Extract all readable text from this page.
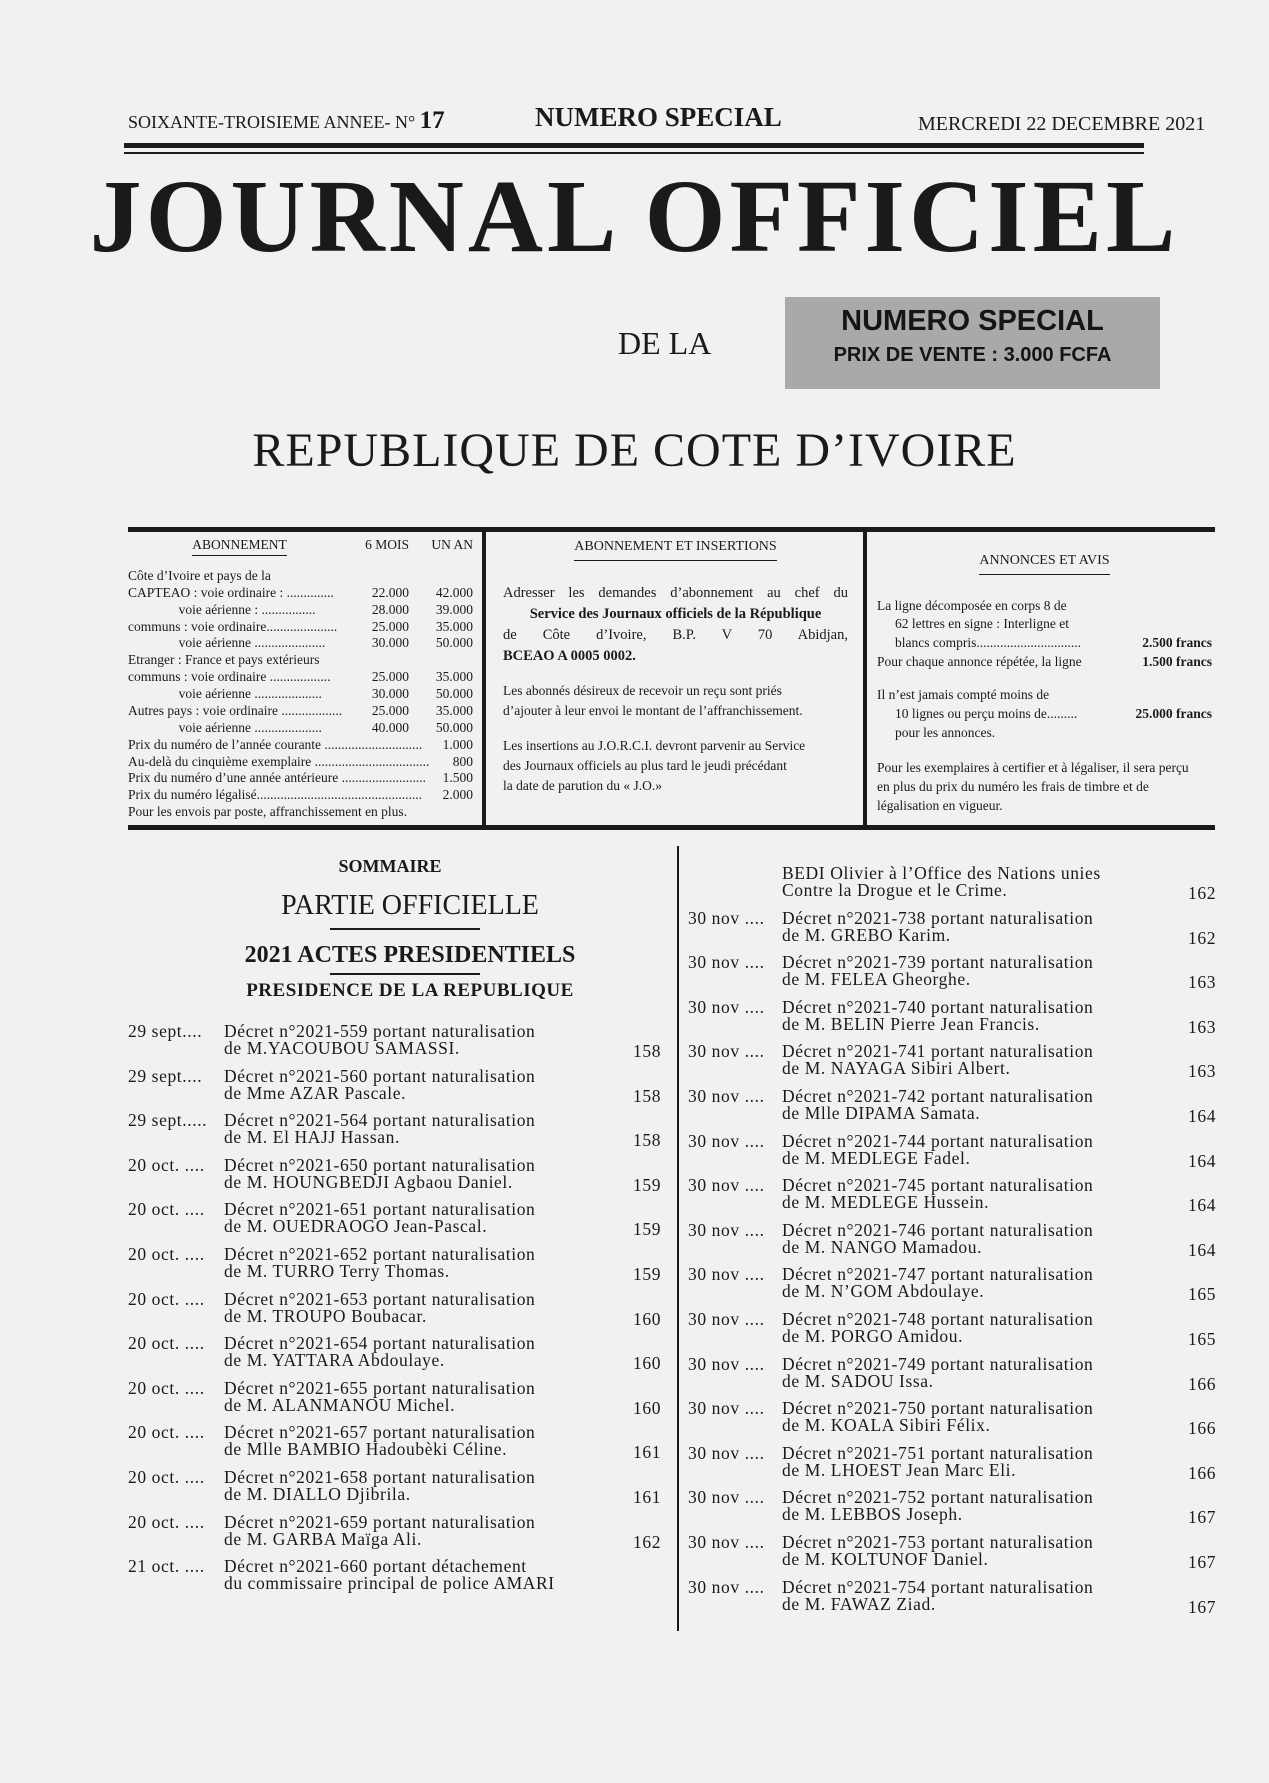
SOIXANTE-TROISIEME ANNEE- N° 17	NUMERO SPECIAL	MERCREDI 22 DECEMBRE 2021
JOURNAL OFFICIEL
DE LA
NUMERO SPECIAL
PRIX DE VENTE : 3.000 FCFA
REPUBLIQUE DE COTE D’IVOIRE
ABONNEMENT	6 MOIS	UN AN
Côte d’Ivoire et pays de la
CAPTEAO : voie ordinaire : ..............	22.000	42.000
voie aérienne : ................	28.000	39.000
communs : voie ordinaire.....................	25.000	35.000
voie aérienne .....................	30.000	50.000
Etranger : France et pays extérieurs
communs : voie ordinaire ..................	25.000	35.000
voie aérienne ....................	30.000	50.000
Autres pays : voie ordinaire ..................	25.000	35.000
voie aérienne ....................	40.000	50.000
Prix du numéro de l’année courante ............................. 1.000
Au-delà du cinquième exemplaire .................................. 800
Prix du numéro d’une année antérieure ......................... 1.500
Prix du numéro légalisé................................................. 2.000
Pour les envois par poste, affranchissement en plus.
ABONNEMENT ET INSERTIONS
Adresser les demandes d’abonnement au chef du
Service des Journaux officiels de la République
de Côte d’Ivoire, B.P. V 70 Abidjan,
BCEAO A 0005 0002.
Les abonnés désireux de recevoir un reçu sont priés
d’ajouter à leur envoi le montant de l’affranchissement.
Les insertions au J.O.R.C.I. devront parvenir au Service
des Journaux officiels au plus tard le jeudi précédant
la date de parution du « J.O.»
ANNONCES ET AVIS
La ligne décomposée en corps 8 de
62 lettres en signe : Interligne et
blancs compris...............................	2.500 francs
Pour chaque annonce répétée, la ligne	1.500 francs
Il n’est jamais compté moins de
10 lignes ou perçu moins de.........	25.000 francs
pour les annonces.
Pour les exemplaires à certifier et à légaliser, il sera perçu
en plus du prix du numéro les frais de timbre et de
légalisation en vigueur.
SOMMAIRE
PARTIE OFFICIELLE
2021 ACTES PRESIDENTIELS
PRESIDENCE DE LA REPUBLIQUE
29 sept.... Décret n°2021-559 portant naturalisation
de M.YACOUBOU SAMASSI.	158
29 sept.... Décret n°2021-560 portant naturalisation
de Mme AZAR Pascale.	158
29 sept..... Décret n°2021-564 portant naturalisation
de M. El HAJJ Hassan.	158
20 oct. .... Décret n°2021-650 portant naturalisation
de M. HOUNGBEDJI Agbaou Daniel.	159
20 oct. .... Décret n°2021-651 portant naturalisation
de M. OUEDRAOGO Jean-Pascal.	159
20 oct. .... Décret n°2021-652 portant naturalisation
de M. TURRO Terry Thomas.	159
20 oct. .... Décret n°2021-653 portant naturalisation
de M. TROUPO Boubacar.	160
20 oct. .... Décret n°2021-654 portant naturalisation
de M. YATTARA Abdoulaye.	160
20 oct. .... Décret n°2021-655 portant naturalisation
de M. ALANMANOU Michel.	160
20 oct. .... Décret n°2021-657 portant naturalisation
de Mlle BAMBIO Hadoubèki Céline.	161
20 oct. .... Décret n°2021-658 portant naturalisation
de M. DIALLO Djibrila.	161
20 oct. .... Décret n°2021-659 portant naturalisation
de M. GARBA Maïga Ali.	162
21 oct. .... Décret n°2021-660 portant détachement
du commissaire principal de police AMARI
BEDI Olivier à l’Office des Nations unies
Contre la Drogue et le Crime.	162
30 nov .... Décret n°2021-738 portant naturalisation
de M. GREBO Karim.	162
30 nov .... Décret n°2021-739 portant naturalisation
de M. FELEA Gheorghe.	163
30 nov .... Décret n°2021-740 portant naturalisation
de M. BELIN Pierre Jean Francis.	163
30 nov .... Décret n°2021-741 portant naturalisation
de M. NAYAGA Sibiri Albert.	163
30 nov .... Décret n°2021-742 portant naturalisation
de Mlle DIPAMA Samata.	164
30 nov .... Décret n°2021-744 portant naturalisation
de M. MEDLEGE Fadel.	164
30 nov .... Décret n°2021-745 portant naturalisation
de M. MEDLEGE Hussein.	164
30 nov .... Décret n°2021-746 portant naturalisation
de M. NANGO Mamadou.	164
30 nov .... Décret n°2021-747 portant naturalisation
de M. N’GOM Abdoulaye.	165
30 nov .... Décret n°2021-748 portant naturalisation
de M. PORGO Amidou.	165
30 nov .... Décret n°2021-749 portant naturalisation
de M. SADOU Issa.	166
30 nov .... Décret n°2021-750 portant naturalisation
de M. KOALA Sibiri Félix.	166
30 nov .... Décret n°2021-751 portant naturalisation
de M. LHOEST Jean Marc Eli.	166
30 nov .... Décret n°2021-752 portant naturalisation
de M. LEBBOS Joseph.	167
30 nov .... Décret n°2021-753 portant naturalisation
de M. KOLTUNOF Daniel.	167
30 nov .... Décret n°2021-754 portant naturalisation
de M. FAWAZ Ziad.	167
